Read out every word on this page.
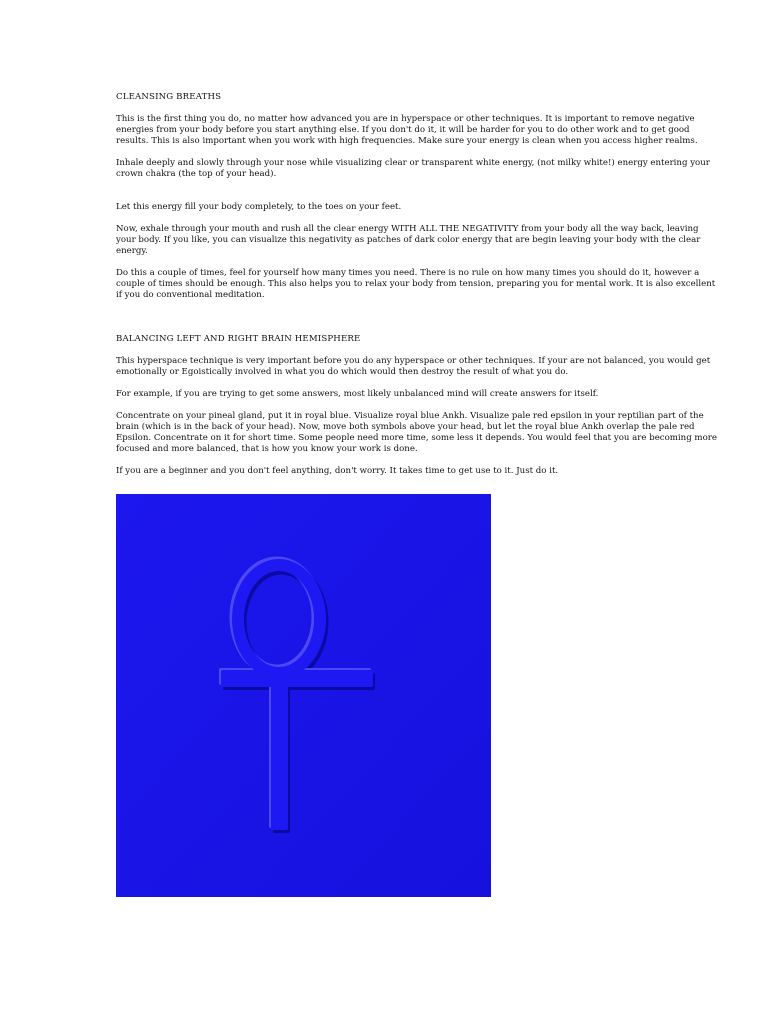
CLEANSING BREATHS

This is the first thing you do, no matter how advanced you are in hyperspace or other techniques. It is important to remove negative
energies from your body before you start anything else. If you don't do it, it will be harder for you to do other work and to get good
results. This is also important when you work with high frequencies. Make sure your energy is clean when you access higher realms.

Inhale deeply and slowly through your nose while visualizing clear or transparent white energy, (not milky white!) energy entering your
crown chakra (the top of your head).

Let this energy fill your body completely, to the toes on your feet.

Now, exhale through your mouth and rush all the clear energy WITH ALL THE NEGATIVITY from your body all the way back, leaving
your body. If you like, you can visualize this negativity as patches of dark color energy that are begin leaving your body with the clear
energy.

Do this a couple of times, feel for yourself how many times you need. There is no rule on how many times you should do it, however a
couple of times should be enough. This also helps you to relax your body from tension, preparing you for mental work. It is also excellent
if you do conventional meditation.

BALANCING LEFT AND RIGHT BRAIN HEMISPHERE

This hyperspace technique is very important before you do any hyperspace or other techniques. If your are not balanced, you would get
emotionally or Egoistically involved in what you do which would then destroy the result of what you do.

For example, if you are trying to get some answers, most likely unbalanced mind will create answers for itself.

Concentrate on your pineal gland, put it in royal blue. Visualize royal blue Ankh. Visualize pale red epsilon in your reptilian part of the
brain (which is in the back of your head). Now, move both symbols above your head, but let the royal blue Ankh overlap the pale red
Epsilon. Concentrate on it for short time. Some people need more time, some less it depends. You would feel that you are becoming more
focused and more balanced, that is how you know your work is done.

If you are a beginner and you don't feel anything, don't worry. It takes time to get use to it. Just do it.
